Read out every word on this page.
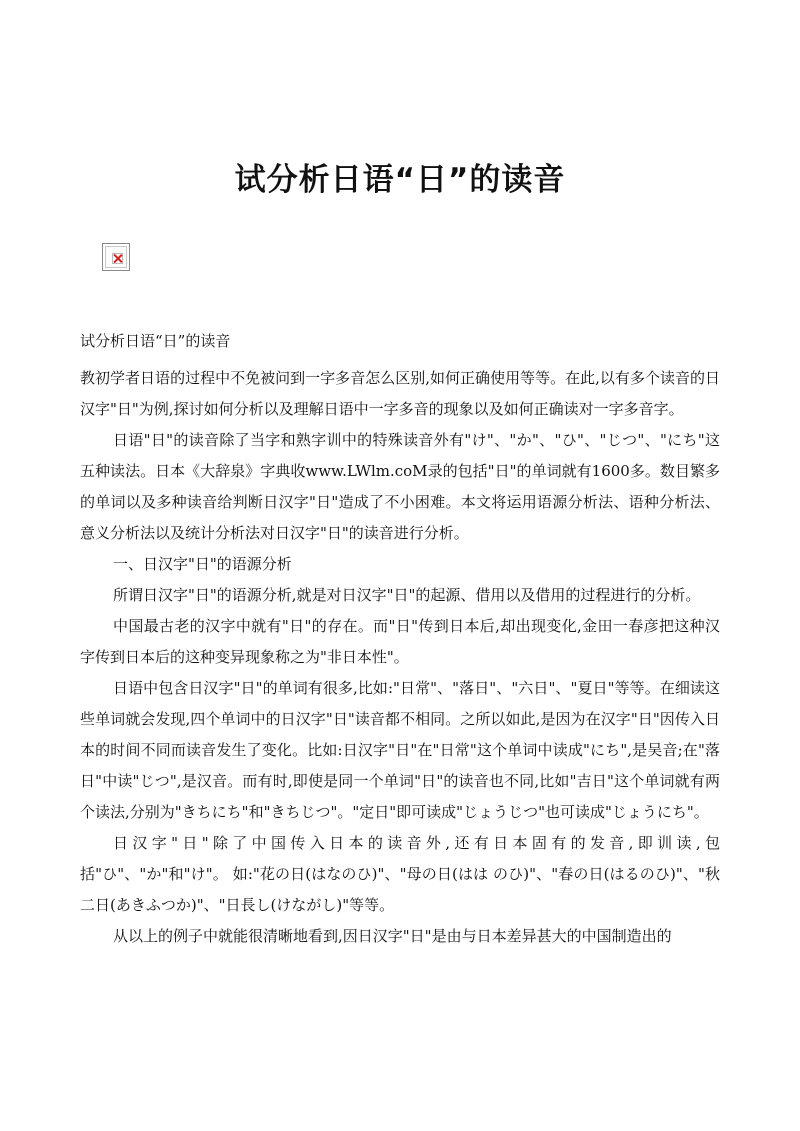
试分析日语“日”的读音

试分析日语“日”的读音

教初学者日语的过程中不免被问到一字多音怎么区别,如何正确使用等等。在此,以有多个读音的日汉字"日"为例,探讨如何分析以及理解日语中一字多音的现象以及如何正确读对一字多音字。

日语"日"的读音除了当字和熟字训中的特殊读音外有"け"、"か"、"ひ"、"じつ"、"にち"这五种读法。日本《大辞泉》字典收www.LWlm.coM录的包括"日"的单词就有1600多。数目繁多的单词以及多种读音给判断日汉字"日"造成了不小困难。本文将运用语源分析法、语种分析法、意义分析法以及统计分析法对日汉字"日"的读音进行分析。

一、日汉字"日"的语源分析

所谓日汉字"日"的语源分析,就是对日汉字"日"的起源、借用以及借用的过程进行的分析。

中国最古老的汉字中就有"日"的存在。而"日"传到日本后,却出现变化,金田一春彦把这种汉字传到日本后的这种变异现象称之为"非日本性"。

日语中包含日汉字"日"的单词有很多,比如:"日常"、"落日"、"六日"、"夏日"等等。在细读这些单词就会发现,四个单词中的日汉字"日"读音都不相同。之所以如此,是因为在汉字"日"因传入日本的时间不同而读音发生了变化。比如:日汉字"日"在"日常"这个单词中读成"にち",是吴音;在"落日"中读"じつ",是汉音。而有时,即使是同一个单词"日"的读音也不同,比如"吉日"这个单词就有两个读法,分别为"きちにち"和"きちじつ"。"定日"即可读成"じょうじつ"也可读成"じょうにち"。

日汉字"日"除了中国传入日本的读音外,还有日本固有的发音,即训读,包括"ひ"、"か"和"け"。 如:"花の日(はなのひ)"、"母の日(はは のひ)"、"春の日(はるのひ)"、"秋二日(あきふつか)"、"日長し(けながし)"等等。

从以上的例子中就能很清晰地看到,因日汉字"日"是由与日本差异甚大的中国制造出的
